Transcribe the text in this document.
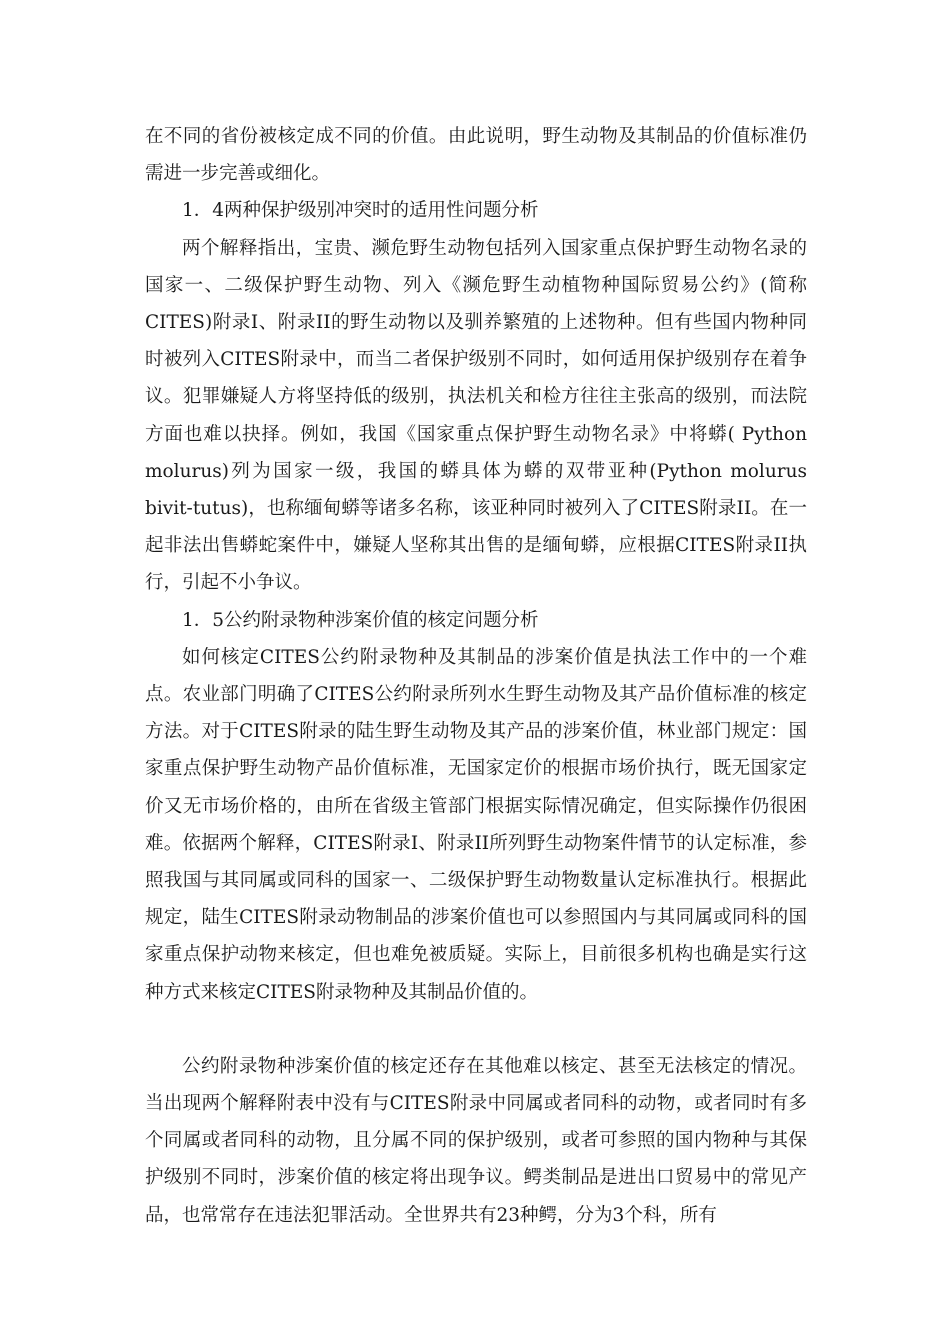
在不同的省份被核定成不同的价值。由此说明，野生动物及其制品的价值标准仍需进一步完善或细化。

1．4两种保护级别冲突时的适用性问题分析

两个解释指出，宝贵、濒危野生动物包括列入国家重点保护野生动物名录的国家一、二级保护野生动物、列入《濒危野生动植物种国际贸易公约》(简称CITES)附录I、附录II的野生动物以及驯养繁殖的上述物种。但有些国内物种同时被列入CITES附录中，而当二者保护级别不同时，如何适用保护级别存在着争议。犯罪嫌疑人方将坚持低的级别，执法机关和检方往往主张高的级别，而法院方面也难以抉择。例如，我国《国家重点保护野生动物名录》中将蟒( Python molurus)列为国家一级，我国的蟒具体为蟒的双带亚种(Python molurus bivit-tutus)，也称缅甸蟒等诸多名称，该亚种同时被列入了CITES附录II。在一起非法出售蟒蛇案件中，嫌疑人坚称其出售的是缅甸蟒，应根据CITES附录II执行，引起不小争议。

1．5公约附录物种涉案价值的核定问题分析

如何核定CITES公约附录物种及其制品的涉案价值是执法工作中的一个难点。农业部门明确了CITES公约附录所列水生野生动物及其产品价值标准的核定方法。对于CITES附录的陆生野生动物及其产品的涉案价值，林业部门规定：国家重点保护野生动物产品价值标准，无国家定价的根据市场价执行，既无国家定价又无市场价格的，由所在省级主管部门根据实际情况确定，但实际操作仍很困难。依据两个解释，CITES附录I、附录II所列野生动物案件情节的认定标准，参照我国与其同属或同科的国家一、二级保护野生动物数量认定标准执行。根据此规定，陆生CITES附录动物制品的涉案价值也可以参照国内与其同属或同科的国家重点保护动物来核定，但也难免被质疑。实际上，目前很多机构也确是实行这种方式来核定CITES附录物种及其制品价值的。

公约附录物种涉案价值的核定还存在其他难以核定、甚至无法核定的情况。当出现两个解释附表中没有与CITES附录中同属或者同科的动物，或者同时有多个同属或者同科的动物，且分属不同的保护级别，或者可参照的国内物种与其保护级别不同时，涉案价值的核定将出现争议。鳄类制品是进出口贸易中的常见产品，也常常存在违法犯罪活动。全世界共有23种鳄，分为3个科，所有
